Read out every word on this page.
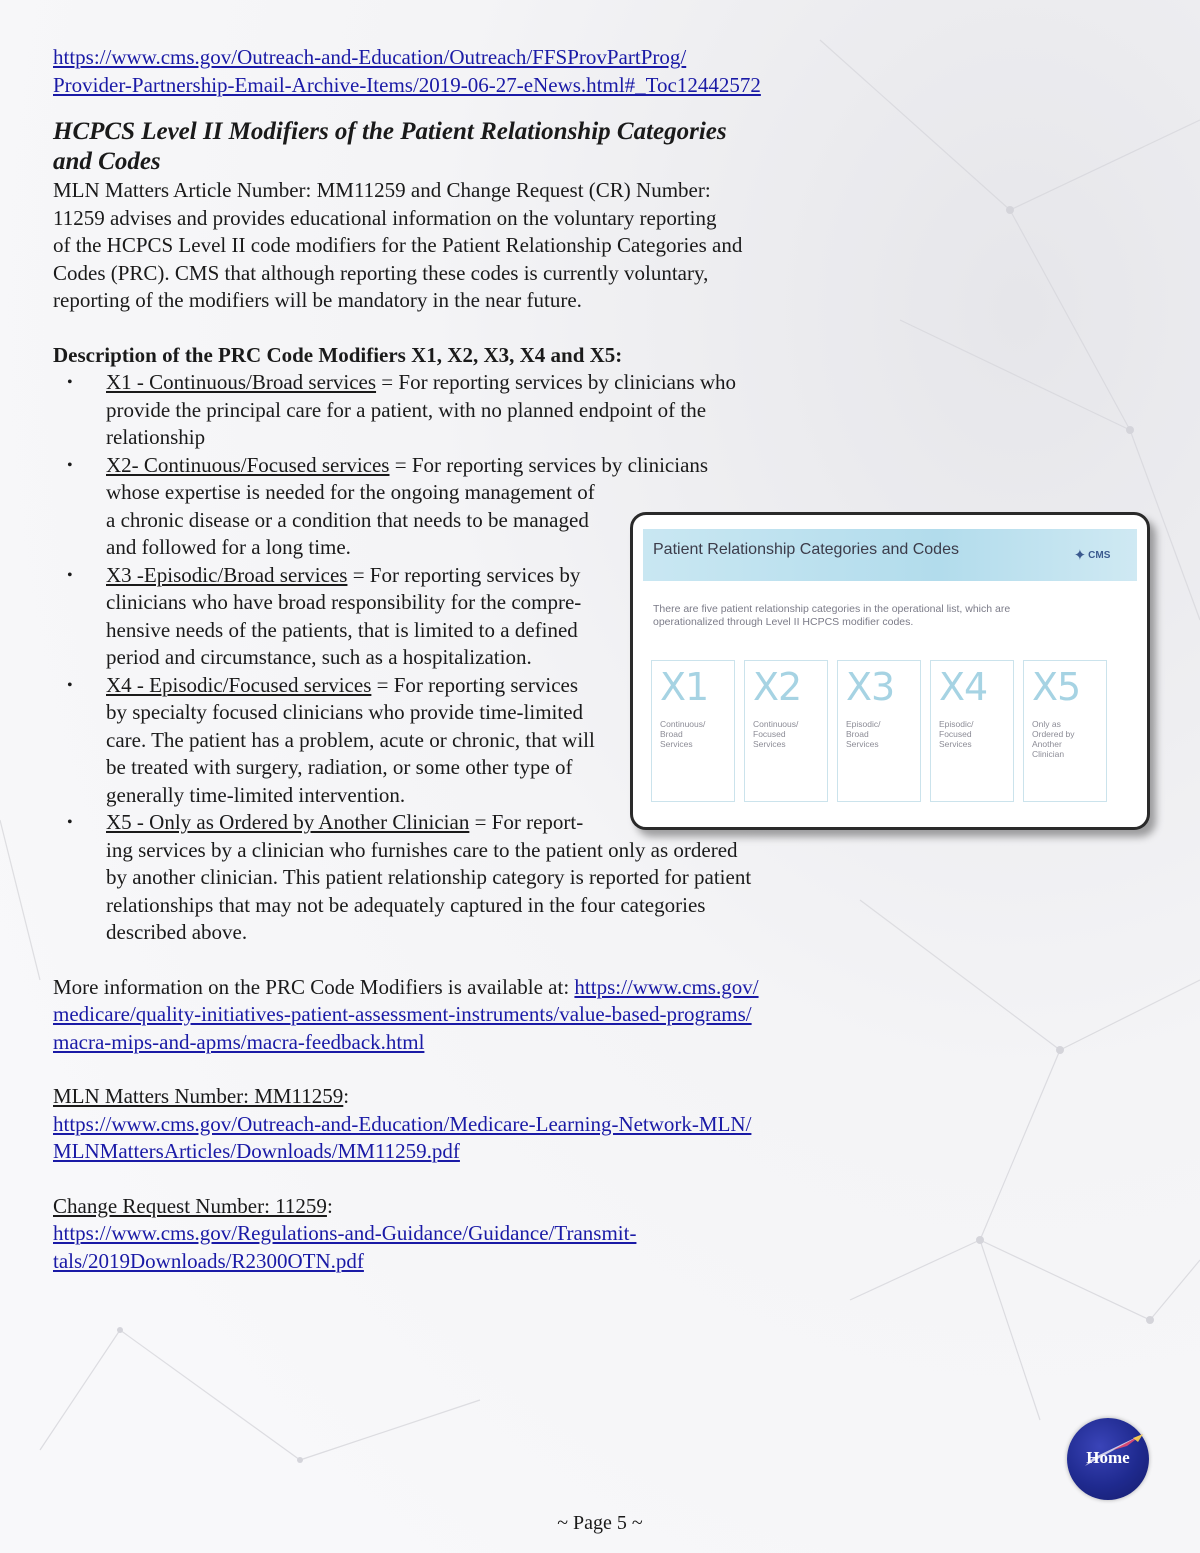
https://www.cms.gov/Outreach-and-Education/Outreach/FFSProvPartProg/
Provider-Partnership-Email-Archive-Items/2019-06-27-eNews.html#_Toc12442572
HCPCS Level II Modifiers of the Patient Relationship Categories
and Codes
MLN Matters Article Number: MM11259 and Change Request (CR) Number:
11259 advises and provides educational information on the voluntary reporting
of the HCPCS Level II code modifiers for the Patient Relationship Categories and
Codes (PRC). CMS that although reporting these codes is currently voluntary,
reporting of the modifiers will be mandatory in the near future.
Description of the PRC Code Modifiers X1, X2, X3, X4 and X5:
• X1 - Continuous/Broad services = For reporting services by clinicians who
provide the principal care for a patient, with no planned endpoint of the
relationship
• X2- Continuous/Focused services = For reporting services by clinicians
whose expertise is needed for the ongoing management of
a chronic disease or a condition that needs to be managed
and followed for a long time.
• X3 -Episodic/Broad services = For reporting services by
clinicians who have broad responsibility for the compre-
hensive needs of the patients, that is limited to a defined
period and circumstance, such as a hospitalization.
• X4 - Episodic/Focused services = For reporting services
by specialty focused clinicians who provide time-limited
care. The patient has a problem, acute or chronic, that will
be treated with surgery, radiation, or some other type of
generally time-limited intervention.
• X5 - Only as Ordered by Another Clinician = For report-
ing services by a clinician who furnishes care to the patient only as ordered
by another clinician. This patient relationship category is reported for patient
relationships that may not be adequately captured in the four categories
described above.
More information on the PRC Code Modifiers is available at: https://www.cms.gov/
medicare/quality-initiatives-patient-assessment-instruments/value-based-programs/
macra-mips-and-apms/macra-feedback.html
MLN Matters Number: MM11259:
https://www.cms.gov/Outreach-and-Education/Medicare-Learning-Network-MLN/
MLNMattersArticles/Downloads/MM11259.pdf
Change Request Number: 11259:
https://www.cms.gov/Regulations-and-Guidance/Guidance/Transmit-
tals/2019Downloads/R2300OTN.pdf
Patient Relationship Categories and Codes	✦ CMS
There are five patient relationship categories in the operational list, which are
operationalized through Level II HCPCS modifier codes.
X1
Continuous/
Broad
Services
X2
Continuous/
Focused
Services
X3
Episodic/
Broad
Services
X4
Episodic/
Focused
Services
X5
Only as
Ordered by
Another
Clinician
Home
~ Page 5 ~
